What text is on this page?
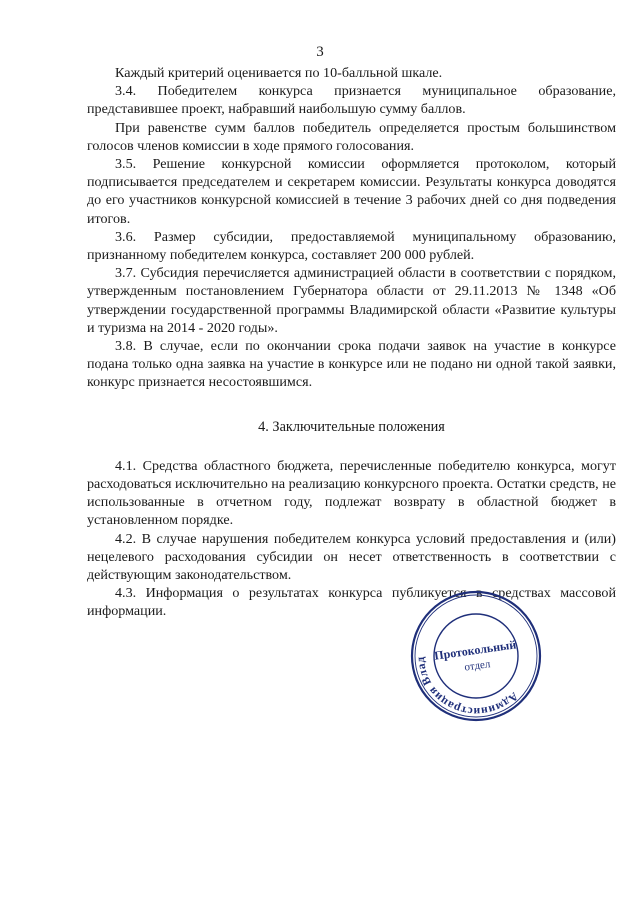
3

Каждый критерий оценивается по 10-балльной шкале.

3.4. Победителем конкурса признается муниципальное образование, представившее проект, набравший наибольшую сумму баллов.

При равенстве сумм баллов победитель определяется простым большинством голосов членов комиссии в ходе прямого голосования.

3.5. Решение конкурсной комиссии оформляется протоколом, который подписывается председателем и секретарем комиссии. Результаты конкурса доводятся до его участников конкурсной комиссией в течение 3 рабочих дней со дня подведения итогов.

3.6. Размер субсидии, предоставляемой муниципальному образованию, признанному победителем конкурса, составляет 200 000 рублей.

3.7. Субсидия перечисляется администрацией области в соответствии с порядком, утвержденным постановлением Губернатора области от 29.11.2013 № 1348 «Об утверждении государственной программы Владимирской области «Развитие культуры и туризма на 2014 - 2020 годы».

3.8. В случае, если по окончании срока подачи заявок на участие в конкурсе подана только одна заявка на участие в конкурсе или не подано ни одной такой заявки, конкурс признается несостоявшимся.

4. Заключительные положения

4.1. Средства областного бюджета, перечисленные победителю конкурса, могут расходоваться исключительно на реализацию конкурсного проекта. Остатки средств, не использованные в отчетном году, подлежат возврату в областной бюджет в установленном порядке.

4.2. В случае нарушения победителем конкурса условий предоставления и (или) нецелевого расходования субсидии он несет ответственность в соответствии с действующим законодательством.

4.3. Информация о результатах конкурса публикуется в средствах массовой информации.

Администрация Влад Протокольный
отдел
